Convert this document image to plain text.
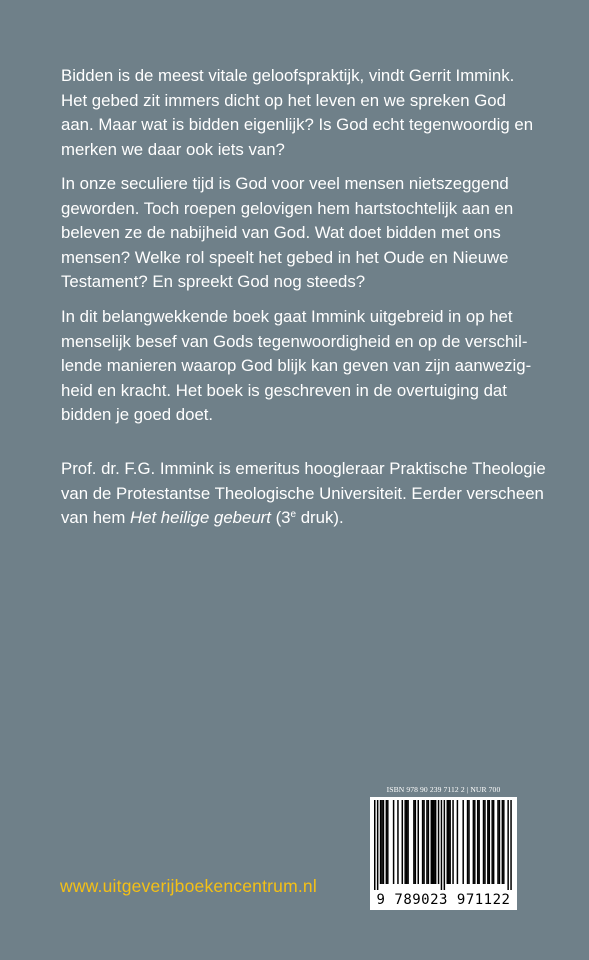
Bidden is de meest vitale geloofspraktijk, vindt Gerrit Immink.
Het gebed zit immers dicht op het leven en we spreken God
aan. Maar wat is bidden eigenlijk? Is God echt tegenwoordig en
merken we daar ook iets van?
In onze seculiere tijd is God voor veel mensen nietszeggend
geworden. Toch roepen gelovigen hem hartstochtelijk aan en
beleven ze de nabijheid van God. Wat doet bidden met ons
mensen? Welke rol speelt het gebed in het Oude en Nieuwe
Testament? En spreekt God nog steeds?
In dit belangwekkende boek gaat Immink uitgebreid in op het
menselijk besef van Gods tegenwoordigheid en op de verschil-
lende manieren waarop God blijk kan geven van zijn aanwezig-
heid en kracht. Het boek is geschreven in de overtuiging dat
bidden je goed doet.
Prof. dr. F.G. Immink is emeritus hoogleraar Praktische Theologie
van de Protestantse Theologische Universiteit. Eerder verscheen
van hem Het heilige gebeurt (3e druk).
www.uitgeverijboekencentrum.nl
ISBN 978 90 239 7112 2 | NUR 700
9 789023 971122
